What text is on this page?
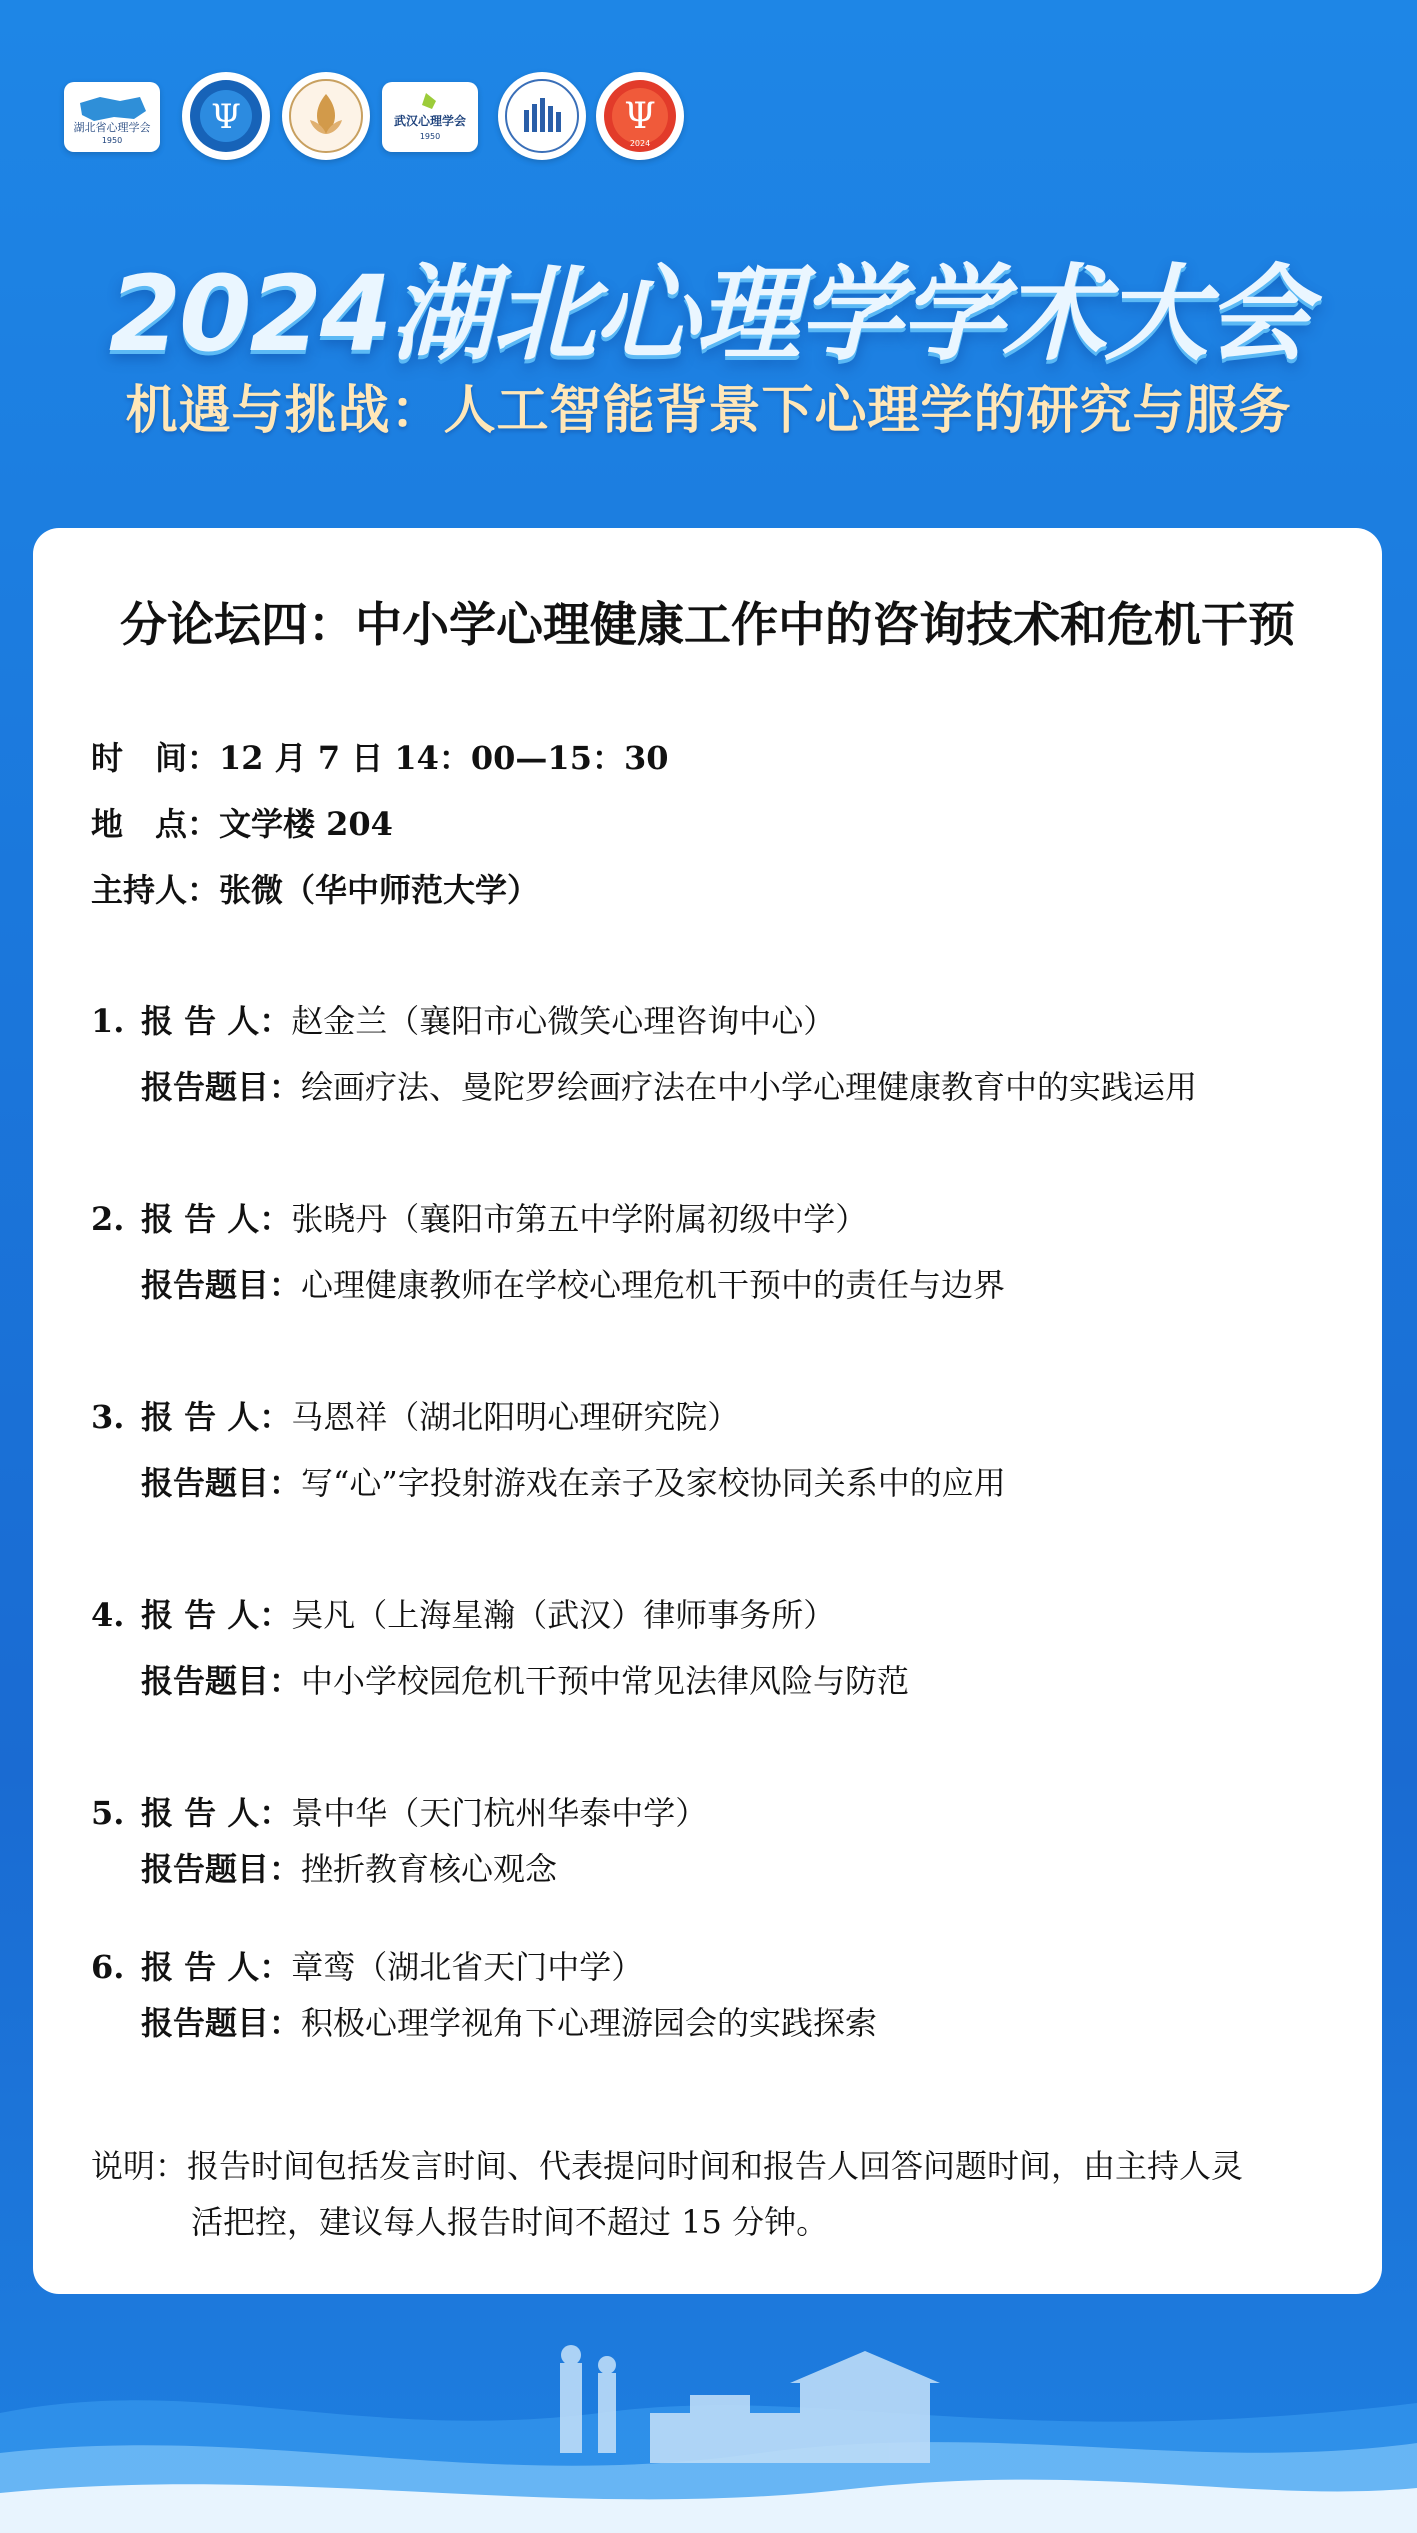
湖北省心理学会
1950
Ψ	武汉心理学会
1950	Ψ
2024
2024湖北心理学学术大会
机遇与挑战：人工智能背景下心理学的研究与服务
分论坛四：中小学心理健康工作中的咨询技术和危机干预
时　间：12 月 7 日 14：00—15：30
地　点：文学楼 204
主持人：张微（华中师范大学）
1. 报 告 人：赵金兰（襄阳市心微笑心理咨询中心）
报告题目：绘画疗法、曼陀罗绘画疗法在中小学心理健康教育中的实践运用
2. 报 告 人：张晓丹（襄阳市第五中学附属初级中学）
报告题目：心理健康教师在学校心理危机干预中的责任与边界
3. 报 告 人：马恩祥（湖北阳明心理研究院）
报告题目：写“心”字投射游戏在亲子及家校协同关系中的应用
4. 报 告 人：吴凡（上海星瀚（武汉）律师事务所）
报告题目：中小学校园危机干预中常见法律风险与防范
5. 报 告 人：景中华（天门杭州华泰中学）
报告题目：挫折教育核心观念
6. 报 告 人：章鸾（湖北省天门中学）
报告题目：积极心理学视角下心理游园会的实践探索
说明：报告时间包括发言时间、代表提问时间和报告人回答问题时间，由主持人灵
活把控，建议每人报告时间不超过 15 分钟。
